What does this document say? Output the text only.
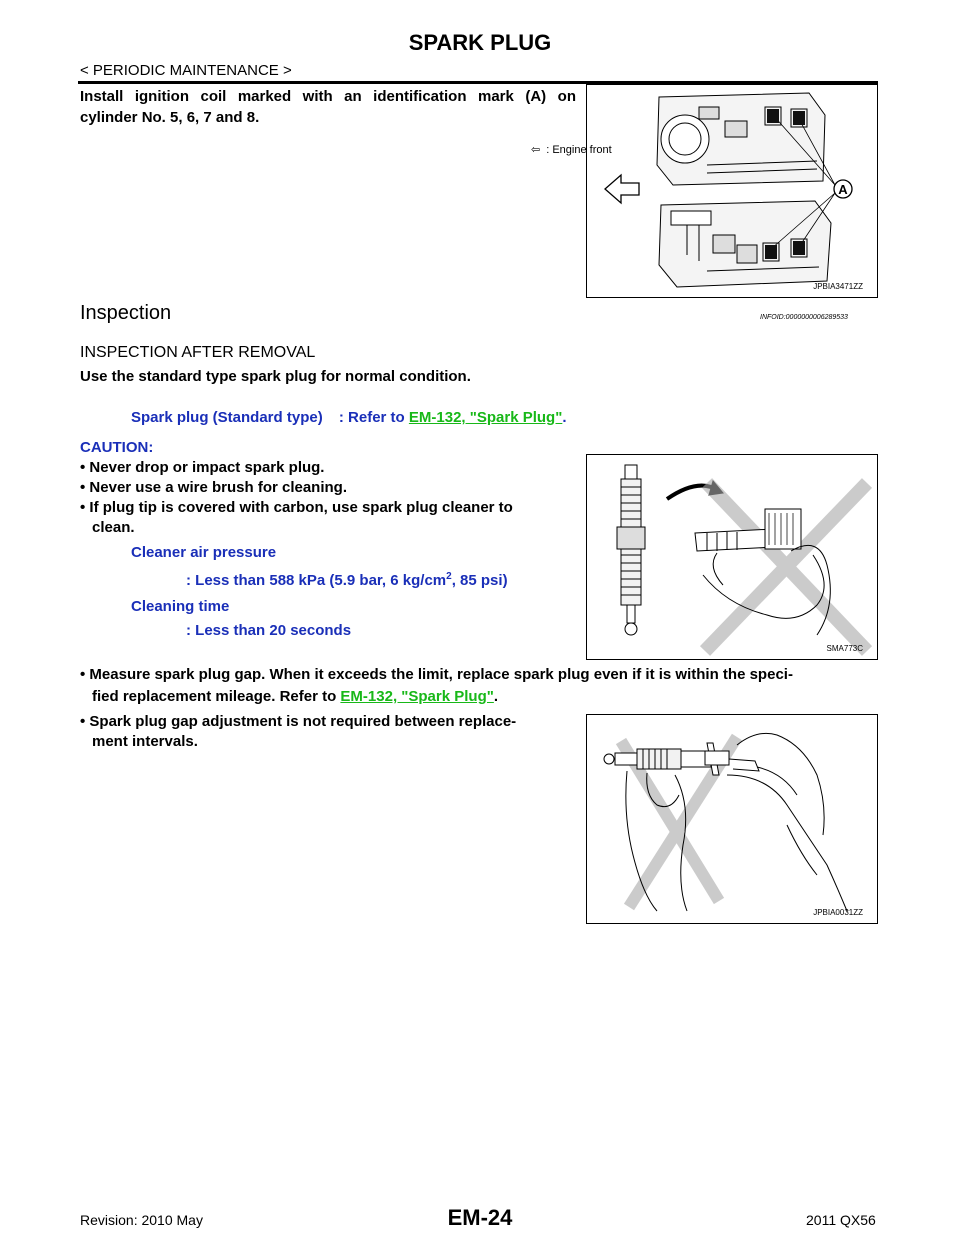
SPARK PLUG
< PERIODIC MAINTENANCE >
Install ignition coil marked with an identification mark (A) on
cylinder No. 5, 6, 7 and 8.
A
⇦ : Engine front
JPBIA3471ZZ
Inspection	INFOID:0000000006289533
INSPECTION AFTER REMOVAL
Use the standard type spark plug for normal condition.
Spark plug (Standard type) : Refer to EM-132, "Spark Plug".
CAUTION:
• Never drop or impact spark plug.
• Never use a wire brush for cleaning.
• If plug tip is covered with carbon, use spark plug cleaner to
clean.
Cleaner air pressure
: Less than 588 kPa (5.9 bar, 6 $kg/cm^2$, 85 psi)
Cleaning time
: Less than 20 seconds
SMA773C
• Measure spark plug gap. When it exceeds the limit, replace spark plug even if it is within the speci-
fied replacement mileage. Refer to EM-132, "Spark Plug".
• Spark plug gap adjustment is not required between replace-
ment intervals.
JPBIA0031ZZ
EM-24
Revision: 2010 May	2011 QX56
